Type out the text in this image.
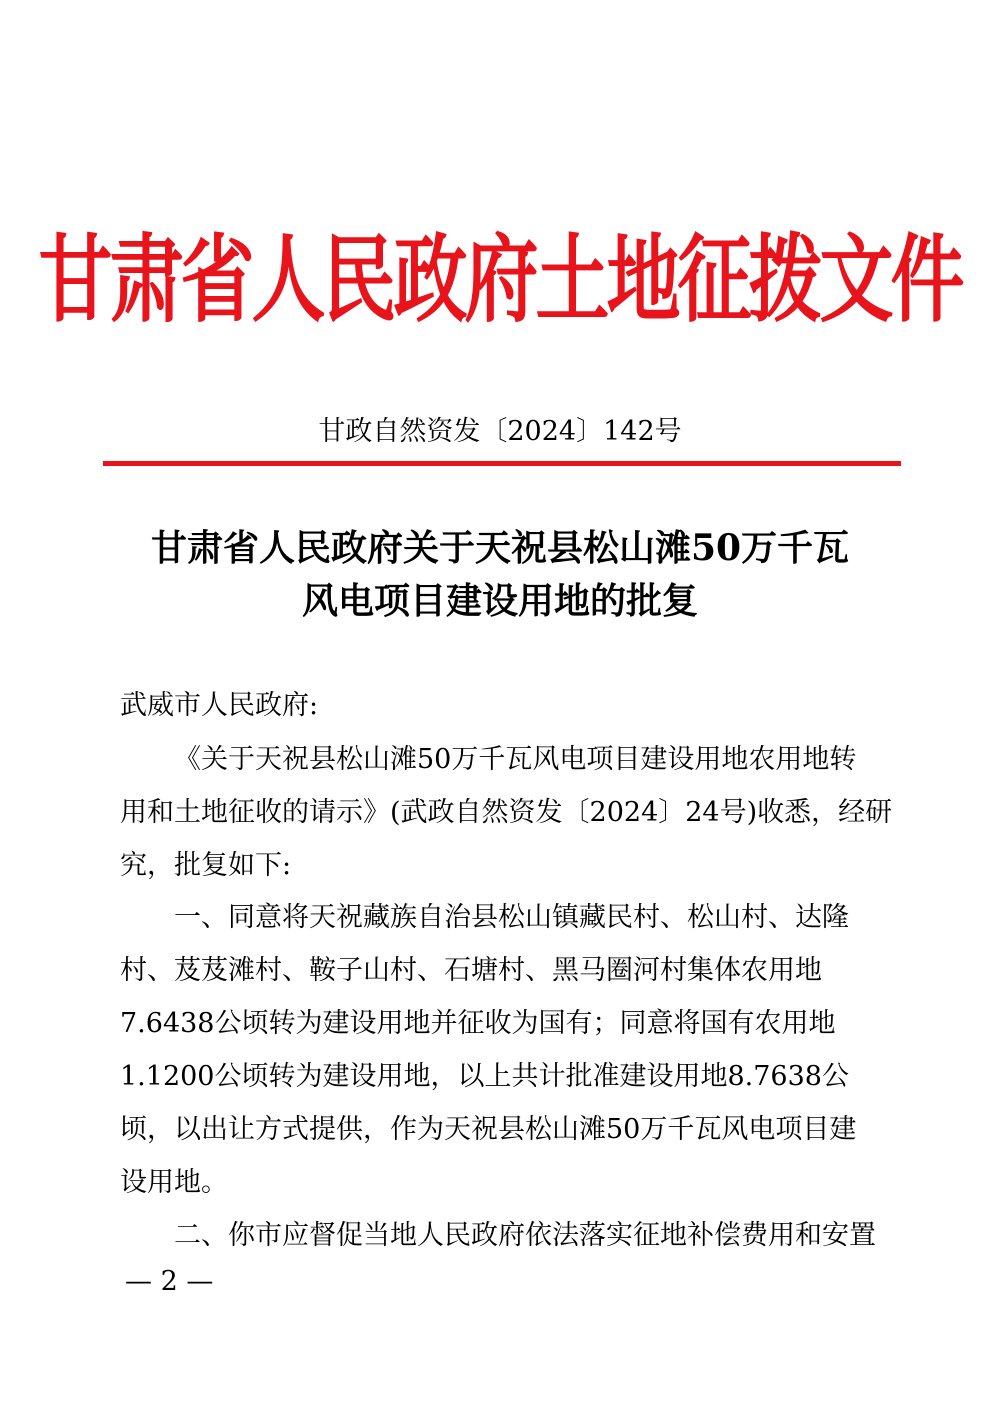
甘肃省人民政府土地征拨文件
甘政自然资发〔2024〕142号
甘肃省人民政府关于天祝县松山滩50万千瓦
风电项目建设用地的批复
武威市人民政府:
《关于天祝县松山滩50万千瓦风电项目建设用地农用地转
用和土地征收的请示》(武政自然资发〔2024〕24号)收悉，经研
究，批复如下:
一、同意将天祝藏族自治县松山镇藏民村、松山村、达隆
村、芨芨滩村、鞍子山村、石塘村、黑马圈河村集体农用地
7.6438公顷转为建设用地并征收为国有；同意将国有农用地
1.1200公顷转为建设用地，以上共计批准建设用地8.7638公
顷，以出让方式提供，作为天祝县松山滩50万千瓦风电项目建
设用地。
二、你市应督促当地人民政府依法落实征地补偿费用和安置
— 2 —
